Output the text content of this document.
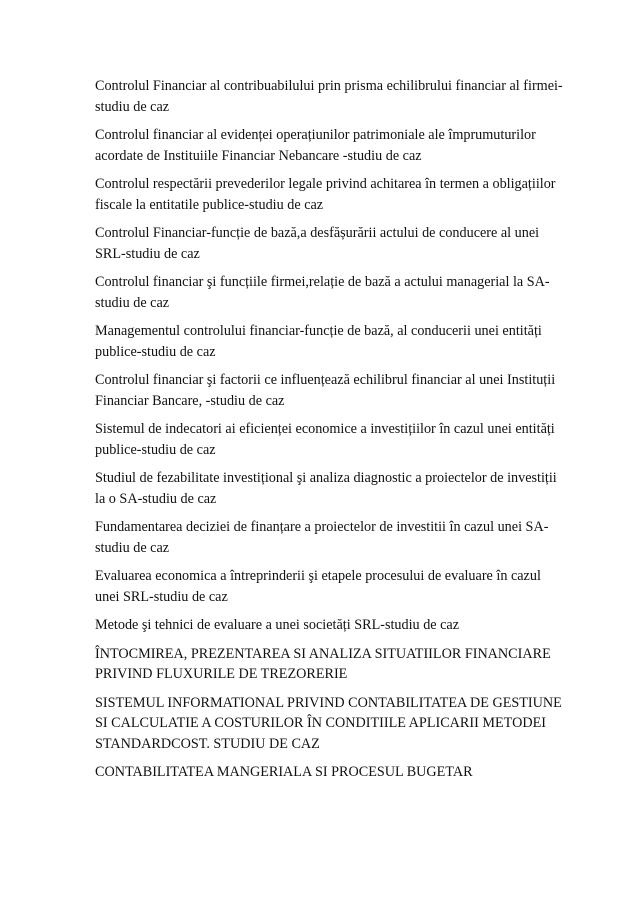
Controlul Financiar al contribuabilului prin prisma echilibrului financiar al firmei-studiu de caz

Controlul financiar al evidenței operațiunilor patrimoniale ale împrumuturilor acordate de Instituiile Financiar Nebancare -studiu de caz

Controlul respectării prevederilor legale privind achitarea în termen a obligațiilor fiscale la entitatile publice-studiu de caz

Controlul Financiar-funcție de bază,a desfășurării actului de conducere al unei SRL-studiu de caz

Controlul financiar şi funcțiile firmei,relație de bază a actului managerial la SA-studiu de caz

Managementul controlului financiar-funcție de bază, al conducerii unei entități publice-studiu de caz

Controlul financiar şi factorii ce influențează echilibrul financiar al unei Instituții Financiar Bancare, -studiu de caz

Sistemul de indecatori ai eficienței economice a investițiilor în cazul unei entități publice-studiu de caz

Studiul de fezabilitate investițional şi analiza diagnostic a proiectelor de investiții la o SA-studiu de caz

Fundamentarea deciziei de finanțare a proiectelor de investitii în cazul unei SA-studiu de caz

Evaluarea economica a întreprinderii şi etapele procesului de evaluare în cazul unei SRL-studiu de caz

Metode şi tehnici de evaluare a unei societăți SRL-studiu de caz

ÎNTOCMIREA, PREZENTAREA SI ANALIZA SITUATIILOR FINANCIARE PRIVIND FLUXURILE DE TREZORERIE

SISTEMUL INFORMATIONAL PRIVIND CONTABILITATEA DE GESTIUNE SI CALCULATIE A COSTURILOR ÎN CONDITIILE APLICARII METODEI STANDARDCOST. STUDIU DE CAZ

CONTABILITATEA MANGERIALA SI PROCESUL BUGETAR
